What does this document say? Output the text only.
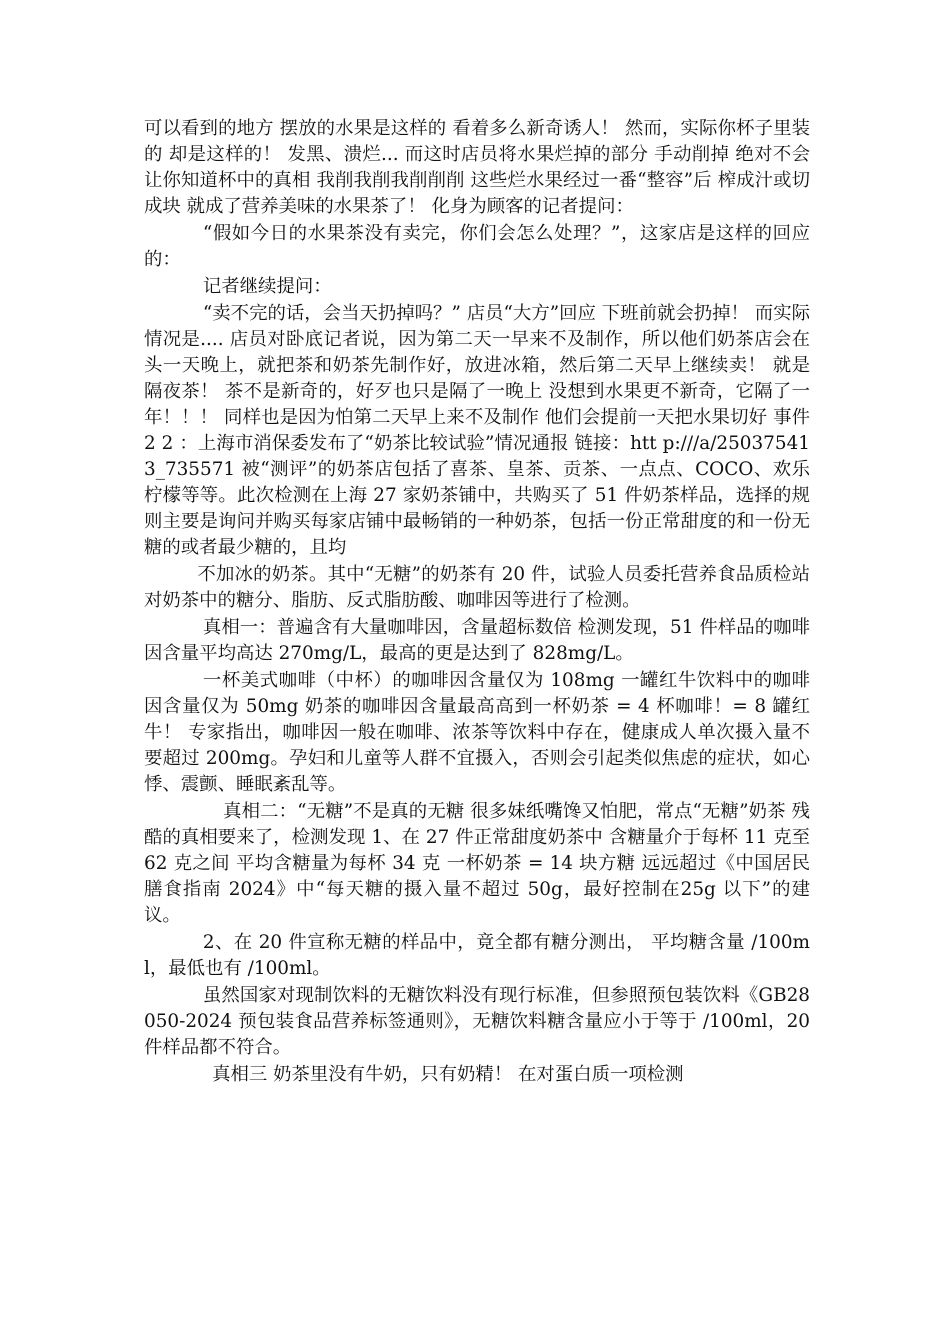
可以看到的地方 摆放的水果是这样的 看着多么新奇诱人！ 然而，实际你杯子里装的 却是这样的！ 发黑、溃烂... 而这时店员将水果烂掉的部分 手动削掉 绝对不会让你知道杯中的真相 我削我削我削削削 这些烂水果经过一番“整容”后 榨成汁或切成块 就成了营养美味的水果茶了！ 化身为顾客的记者提问：

“假如今日的水果茶没有卖完，你们会怎么处理？”，这家店是这样的回应的：

记者继续提问：

“卖不完的话，会当天扔掉吗？” 店员“大方”回应 下班前就会扔掉！ 而实际情况是.... 店员对卧底记者说，因为第二天一早来不及制作，所以他们奶茶店会在头一天晚上，就把茶和奶茶先制作好，放进冰箱，然后第二天早上继续卖！ 就是隔夜茶！ 茶不是新奇的，好歹也只是隔了一晚上 没想到水果更不新奇，它隔了一年！！！ 同样也是因为怕第二天早上来不及制作 他们会提前一天把水果切好 事件 2 2 ：上海市消保委发布了“奶茶比较试验”情况通报 链接：htt p:///a/250375413_735571 被“测评”的奶茶店包括了喜茶、皇茶、贡茶、一点点、COCO、欢乐柠檬等等。此次检测在上海 27 家奶茶铺中，共购买了 51 件奶茶样品，选择的规则主要是询问并购买每家店铺中最畅销的一种奶茶，包括一份正常甜度的和一份无糖的或者最少糖的，且均

不加冰的奶茶。其中“无糖”的奶茶有 20 件，试验人员委托营养食品质检站对奶茶中的糖分、脂肪、反式脂肪酸、咖啡因等进行了检测。

真相一：普遍含有大量咖啡因，含量超标数倍 检测发现，51 件样品的咖啡因含量平均高达 270mg/L，最高的更是达到了 828mg/L。

一杯美式咖啡（中杯）的咖啡因含量仅为 108mg 一罐红牛饮料中的咖啡因含量仅为 50mg 奶茶的咖啡因含量最高高到一杯奶茶 = 4 杯咖啡！= 8 罐红牛！ 专家指出，咖啡因一般在咖啡、浓茶等饮料中存在，健康成人单次摄入量不要超过 200mg。孕妇和儿童等人群不宜摄入，否则会引起类似焦虑的症状，如心悸、震颤、睡眠紊乱等。

真相二：“无糖”不是真的无糖 很多妹纸嘴馋又怕肥，常点“无糖”奶茶 残酷的真相要来了，检测发现 1、在 27 件正常甜度奶茶中 含糖量介于每杯 11 克至 62 克之间 平均含糖量为每杯 34 克 一杯奶茶 = 14 块方糖 远远超过《中国居民膳食指南 2024》中“每天糖的摄入量不超过 50g，最好控制在25g 以下”的建议。

2、在 20 件宣称无糖的样品中，竟全都有糖分测出， 平均糖含量 /100ml，最低也有 /100ml。

虽然国家对现制饮料的无糖饮料没有现行标准，但参照预包装饮料《GB28050-2024 预包装食品营养标签通则》，无糖饮料糖含量应小于等于 /100ml，20 件样品都不符合。

真相三 奶茶里没有牛奶，只有奶精！ 在对蛋白质一项检测
